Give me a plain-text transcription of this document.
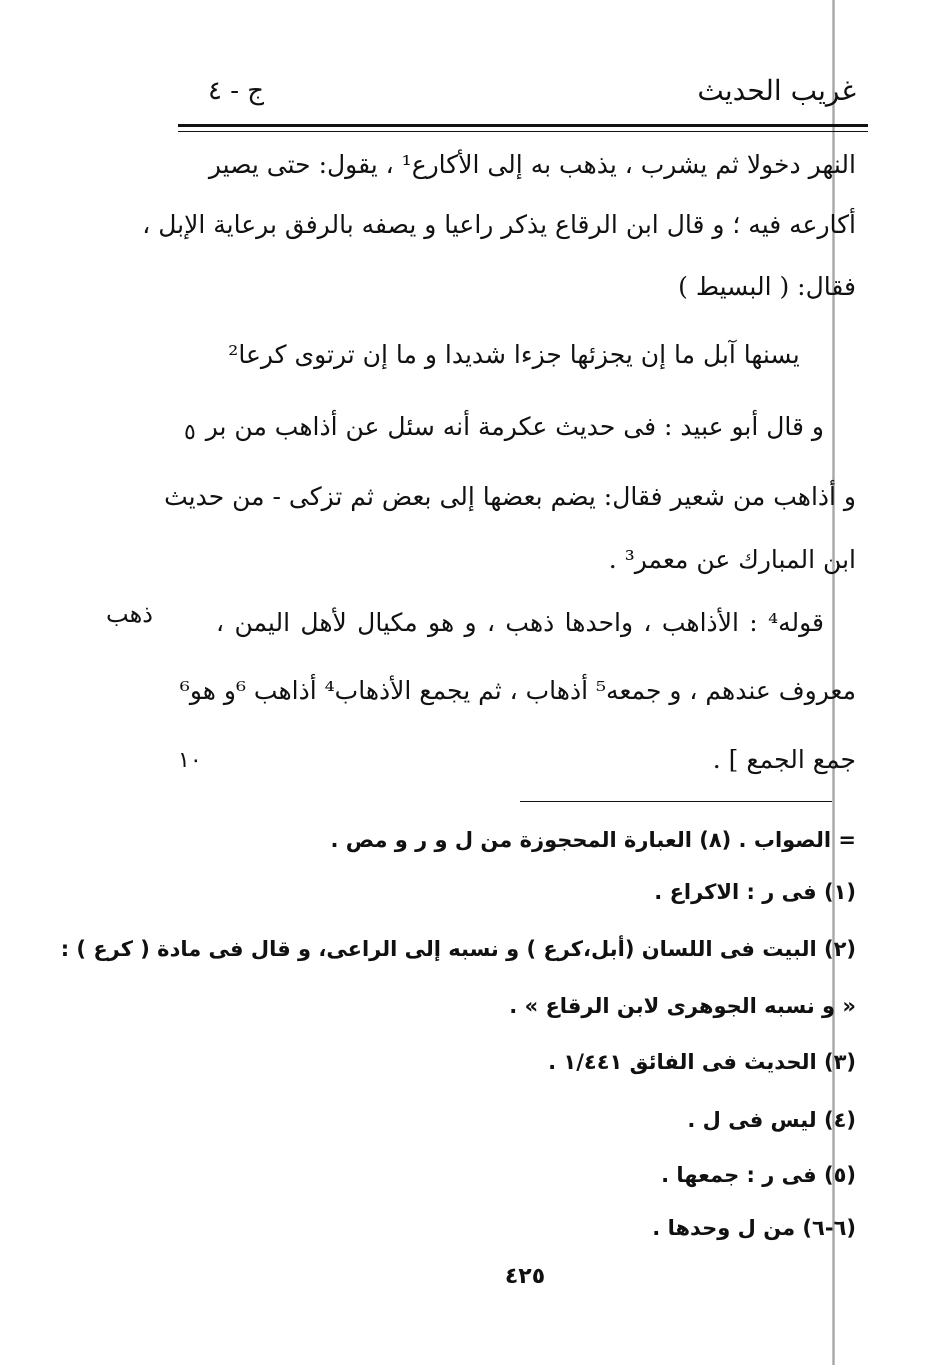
غريب الحديث
ج - ٤
النهر دخولا ثم يشرب ، يذهب به إلى الأكارع¹ ، يقول: حتى يصير
أكارعه فيه ؛ و قال ابن الرقاع يذكر راعيا و يصفه بالرفق برعاية الإبل ،
فقال: ( البسيط )
يسنها آبل ما إن يجزئها جزءا شديدا و ما إن ترتوى كرعا²
و قال أبو عبيد : فى حديث عكرمة أنه سئل عن أذاهب من بر
و أذاهب من شعير فقال: يضم بعضها إلى بعض ثم تزكى - من حديث
ابن المبارك عن معمر³ .
قوله⁴ : الأذاهب ، واحدها ذهب ، و هو مكيال لأهل اليمن ،
معروف عندهم ، و جمعه⁵ أذهاب ، ثم يجمع الأذهاب⁴ أذاهب ⁶و هو⁶
جمع الجمع ] .
٥
١٠
ذهب
= الصواب . (٨) العبارة المحجوزة من ل و ر و مص .
(١) فى ر : الاكراع .
(٢) البيت فى اللسان (أبل،كرع ) و نسبه إلى الراعى، و قال فى مادة ( كرع ) :
« و نسبه الجوهرى لابن الرقاع » .
(٣) الحديث فى الفائق ١/٤٤١ .
(٤) ليس فى ل .
(٥) فى ر : جمعها .
(٦-٦) من ل وحدها .
٤٢٥
